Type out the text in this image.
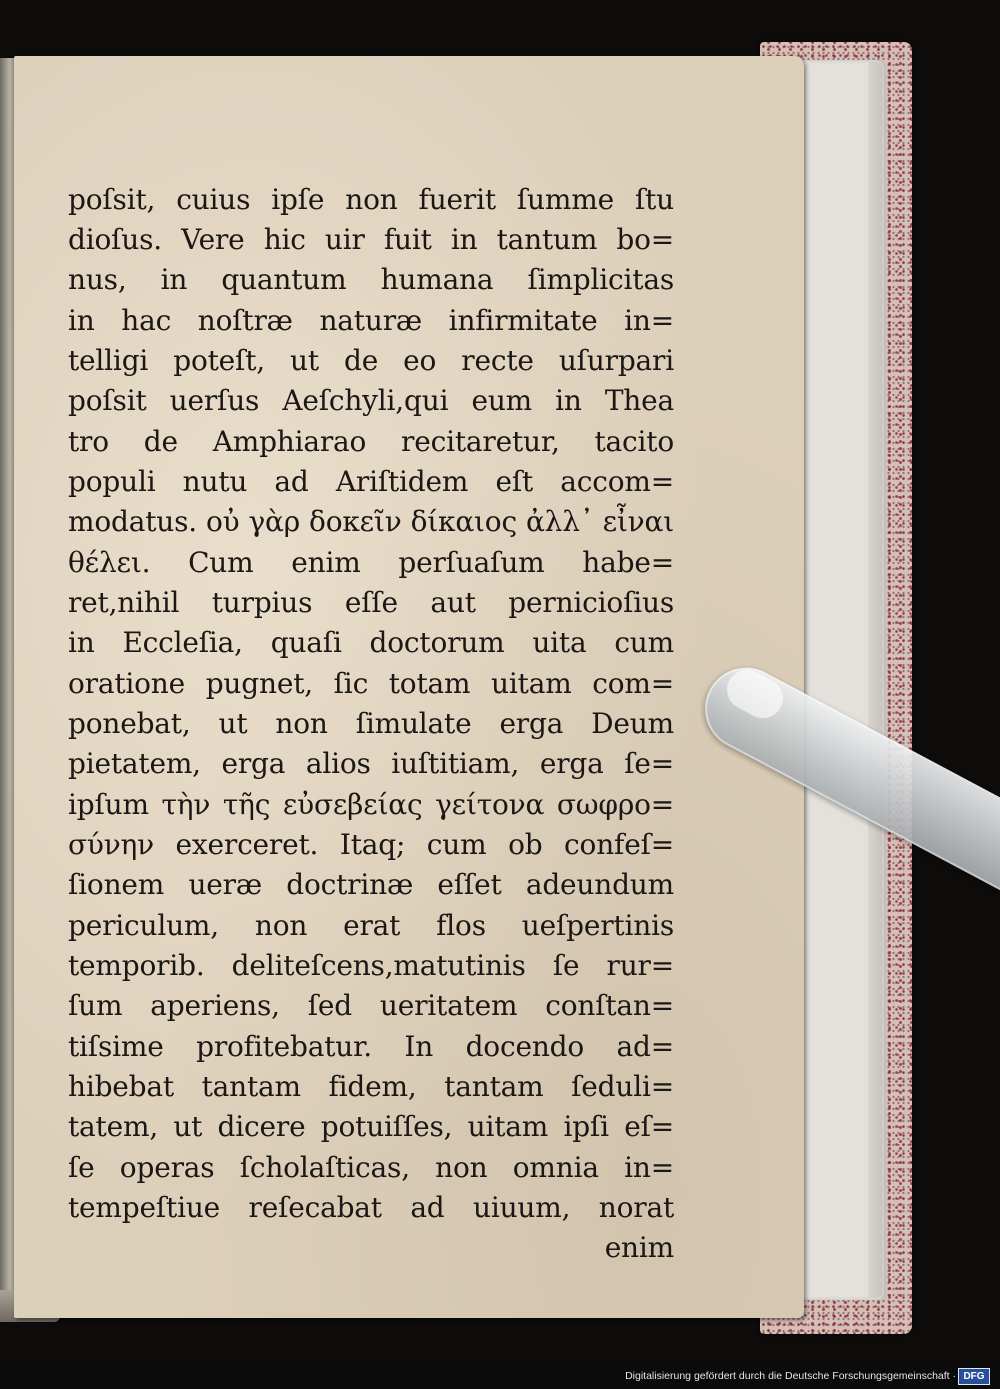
poſsit, cuius ipſe non fuerit ſumme ſtu
dioſus. Vere hic uir fuit in tantum bo=
nus, in quantum humana ſimplicitas
in hac noſtræ naturæ infirmitate in=
telligi poteſt, ut de eo recte uſurpari
poſsit uerſus Aeſchyli,qui eum in Thea
tro de Amphiarao recitaretur, tacito
populi nutu ad Ariſtidem eſt accom=
modatus. οὐ γὰρ δοκεῖν δίκαιος ἀλλ᾽ εἶναι
θέλει. Cum enim perſuaſum habe=
ret,nihil turpius eſſe aut pernicioſius
in Eccleſia, quaſi doctorum uita cum
oratione pugnet, ſic totam uitam com=
ponebat, ut non ſimulate erga Deum
pietatem, erga alios iuſtitiam, erga ſe=
ipſum τὴν τῆς εὐσεβείας γείτονα σωφρο=
σύνην exerceret. Itaq; cum ob confeſ=
ſionem ueræ doctrinæ eſſet adeundum
periculum, non erat flos ueſpertinis
temporib. deliteſcens,matutinis ſe rur=
ſum aperiens, ſed ueritatem conſtan=
tiſsime profitebatur. In docendo ad=
hibebat tantam fidem, tantam ſeduli=
tatem, ut dicere potuiſſes, uitam ipſi eſ=
ſe operas ſcholaſticas, non omnia in=
tempeſtiue reſecabat ad uiuum, norat
enim
Digitalisierung gefördert durch die Deutsche Forschungsgemeinschaft · DFG
